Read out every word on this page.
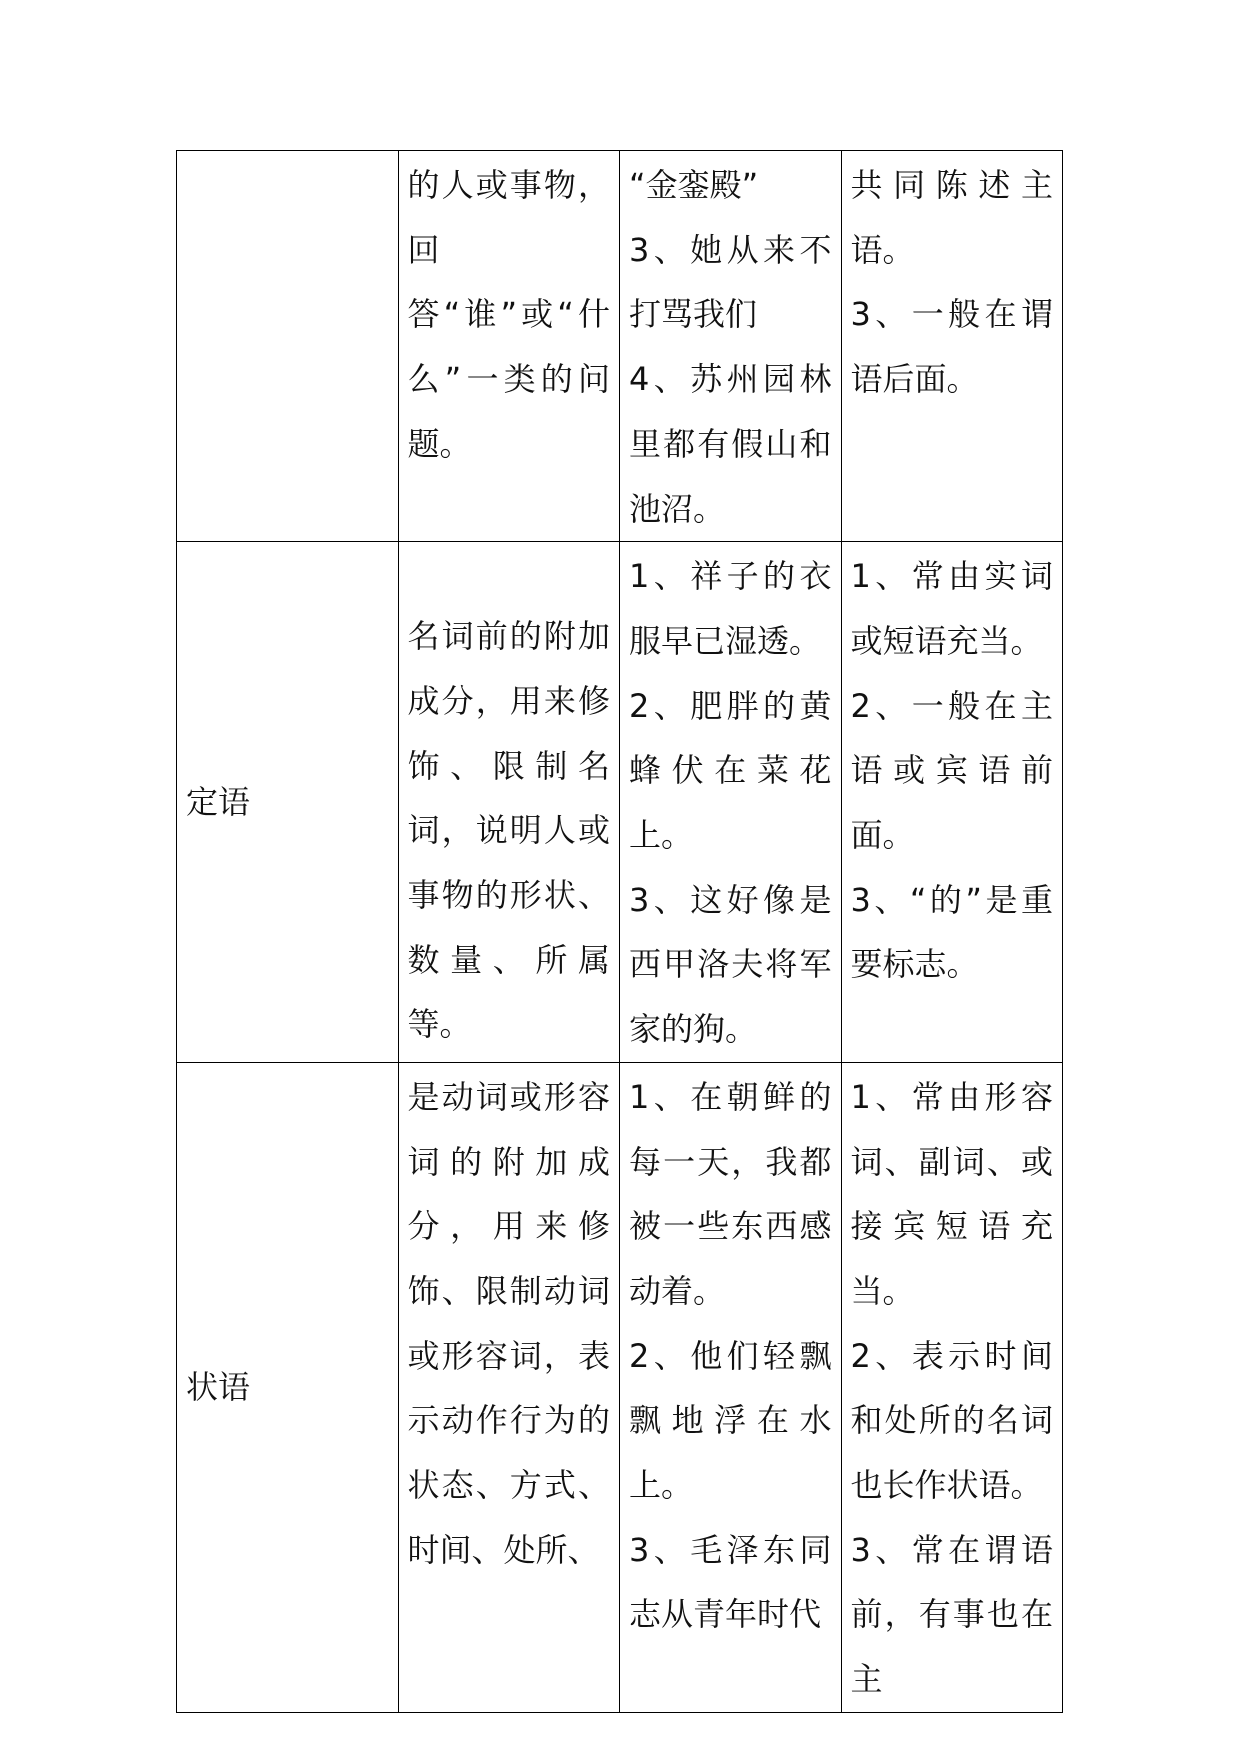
	的人或事物，回答“谁”或“什么”一类的问题。	“金銮殿”
3、她从来不打骂我们
4、苏州园林里都有假山和池沼。	共同陈述主语。
3、一般在谓语后面。

定语	名词前的附加成分，用来修饰、限制名词，说明人或事物的形状、数量、所属等。	1、祥子的衣服早已湿透。
2、肥胖的黄蜂伏在菜花上。
3、这好像是西甲洛夫将军家的狗。	1、常由实词或短语充当。
2、一般在主语或宾语前面。
3、“的”是重要标志。

状语	是动词或形容词的附加成分，用来修饰、限制动词或形容词，表示动作行为的状态、方式、时间、处所、	1、在朝鲜的每一天，我都被一些东西感动着。
2、他们轻飘飘地浮在水上。
3、毛泽东同志从青年时代	1、常由形容词、副词、或接宾短语充当。
2、表示时间和处所的名词也长作状语。
3、常在谓语前，有事也在主
